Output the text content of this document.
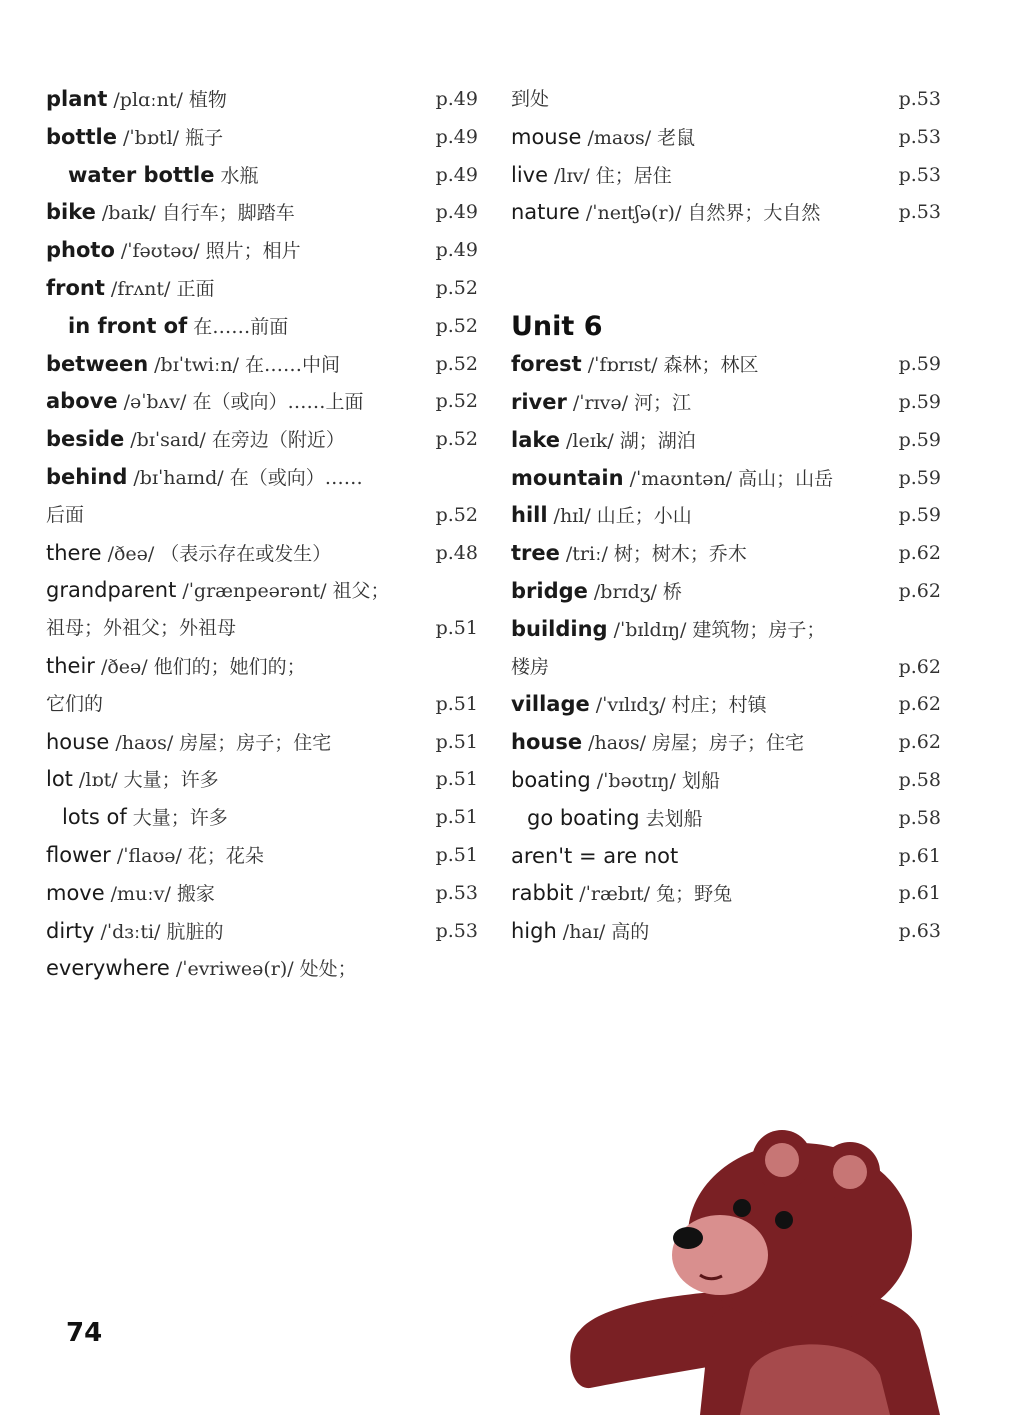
plant /plɑːnt/ 植物	p.49
bottle /ˈbɒtl/ 瓶子	p.49
water bottle 水瓶	p.49
bike /baɪk/ 自行车；脚踏车	p.49
photo /ˈfəʊtəʊ/ 照片；相片	p.49
front /frʌnt/ 正面	p.52
in front of 在……前面	p.52
between /bɪˈtwiːn/ 在……中间	p.52
above /əˈbʌv/ 在（或向）……上面	p.52
beside /bɪˈsaɪd/ 在旁边（附近）	p.52
behind /bɪˈhaɪnd/ 在（或向）……
后面	p.52
there /ðeə/ （表示存在或发生）	p.48
grandparent /ˈgrænpeərənt/ 祖父；
祖母；外祖父；外祖母	p.51
their /ðeə/ 他们的；她们的；
它们的	p.51
house /haʊs/ 房屋；房子；住宅	p.51
lot /lɒt/ 大量；许多	p.51
lots of 大量；许多	p.51
flower /ˈflaʊə/ 花；花朵	p.51
move /muːv/ 搬家	p.53
dirty /ˈdɜːti/ 肮脏的	p.53
everywhere /ˈevriweə(r)/ 处处；
到处	p.53
mouse /maʊs/ 老鼠	p.53
live /lɪv/ 住；居住	p.53
nature /ˈneɪtʃə(r)/ 自然界；大自然	p.53
Unit 6
forest /ˈfɒrɪst/ 森林；林区	p.59
river /ˈrɪvə/ 河；江	p.59
lake /leɪk/ 湖；湖泊	p.59
mountain /ˈmaʊntən/ 高山；山岳	p.59
hill /hɪl/ 山丘；小山	p.59
tree /triː/ 树；树木；乔木	p.62
bridge /brɪdʒ/ 桥	p.62
building /ˈbɪldɪŋ/ 建筑物；房子；
楼房	p.62
village /ˈvɪlɪdʒ/ 村庄；村镇	p.62
house /haʊs/ 房屋；房子；住宅	p.62
boating /ˈbəʊtɪŋ/ 划船	p.58
go boating 去划船	p.58
aren't = are not	p.61
rabbit /ˈræbɪt/ 兔；野兔	p.61
high /haɪ/ 高的	p.63
74
